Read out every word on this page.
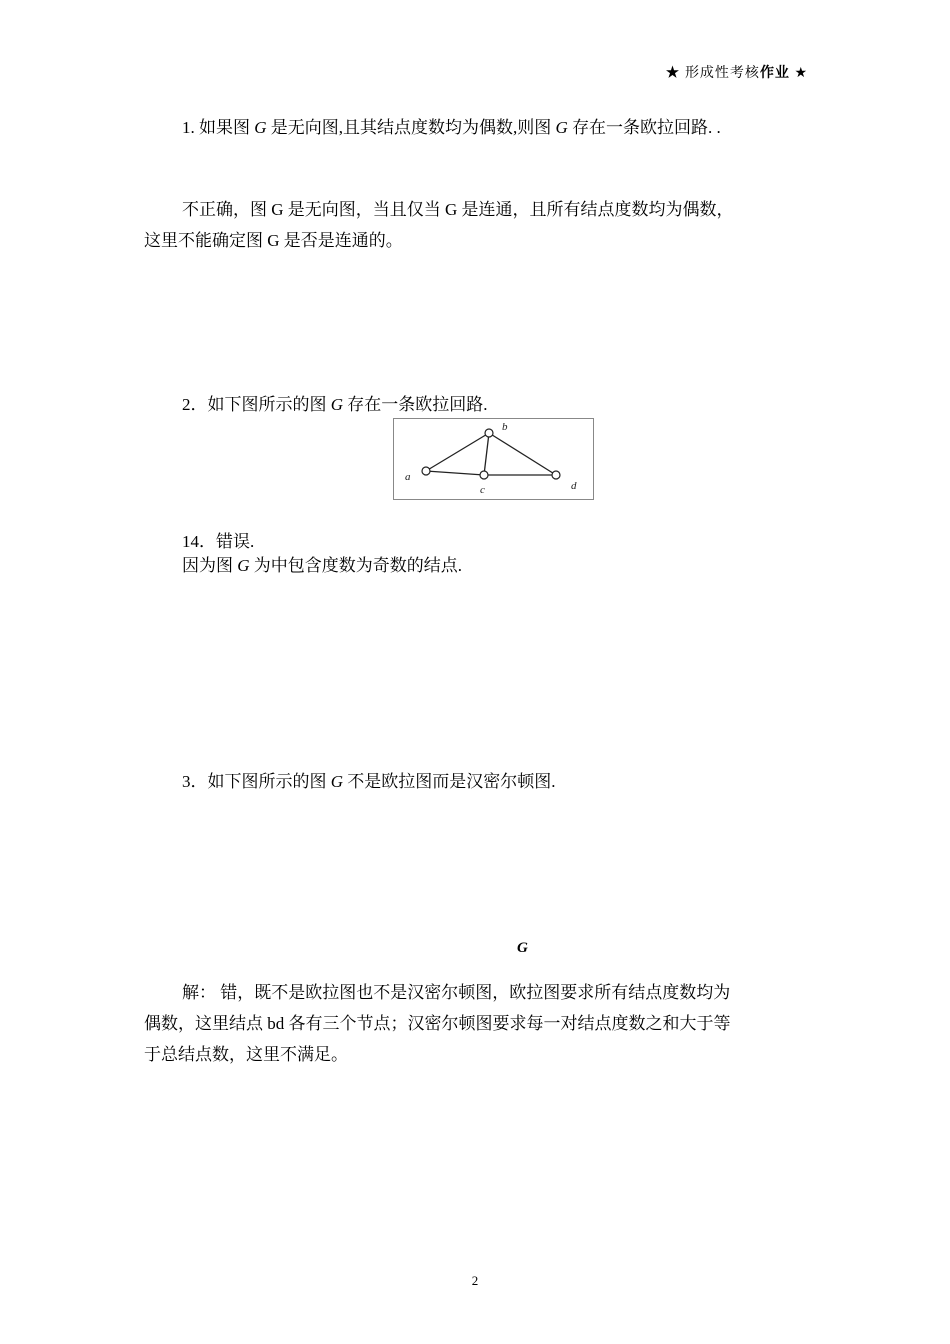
★ 形成性考核作业 ★
1. 如果图 G 是无向图,且其结点度数均为偶数,则图 G 存在一条欧拉回路. .
不正确，图 G 是无向图，当且仅当 G 是连通，且所有结点度数均为偶数，
这里不能确定图 G 是否是连通的。
2．如下图所示的图 G 存在一条欧拉回路.
a
b
c	d
14．错误.
因为图 G 为中包含度数为奇数的结点.
3．如下图所示的图 G 不是欧拉图而是汉密尔顿图.
G
解： 错，既不是欧拉图也不是汉密尔顿图，欧拉图要求所有结点度数均为
偶数，这里结点 bd 各有三个节点；汉密尔顿图要求每一对结点度数之和大于等
于总结点数，这里不满足。
2
